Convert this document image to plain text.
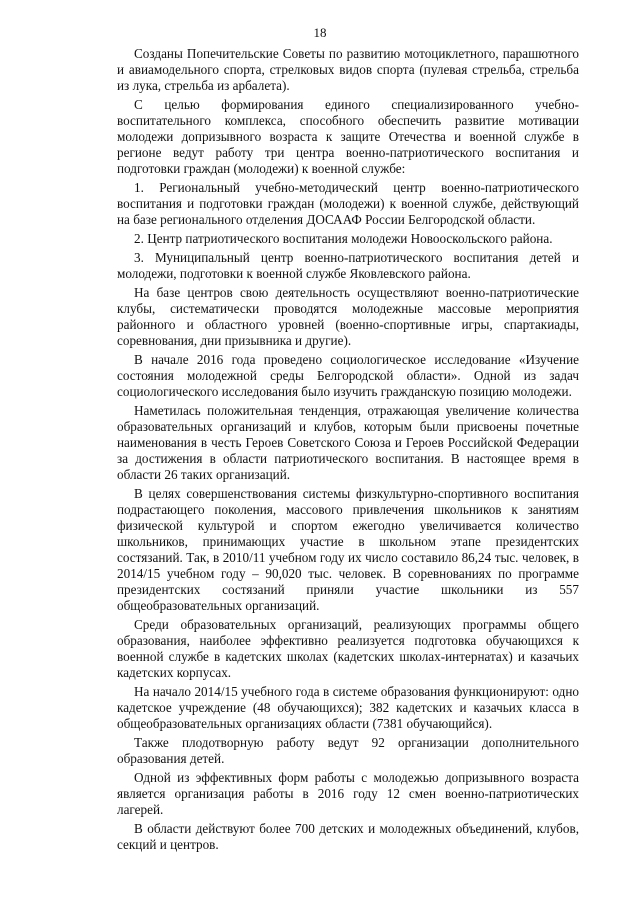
18

Созданы Попечительские Советы по развитию мотоциклетного, парашютного и авиамодельного спорта, стрелковых видов спорта (пулевая стрельба, стрельба из лука, стрельба из арбалета).

С целью формирования единого специализированного учебно-воспитательного комплекса, способного обеспечить развитие мотивации молодежи допризывного возраста к защите Отечества и военной службе в регионе ведут работу три центра военно-патриотического воспитания и подготовки граждан (молодежи) к военной службе:

1. Региональный учебно-методический центр военно-патриотического воспитания и подготовки граждан (молодежи) к военной службе, действующий на базе регионального отделения ДОСААФ России Белгородской области.

2. Центр патриотического воспитания молодежи Новооскольского района.

3. Муниципальный центр военно-патриотического воспитания детей и молодежи, подготовки к военной службе Яковлевского района.

На базе центров свою деятельность осуществляют военно-патриотические клубы, систематически проводятся молодежные массовые мероприятия районного и областного уровней (военно-спортивные игры, спартакиады, соревнования, дни призывника и другие).

В начале 2016 года проведено социологическое исследование «Изучение состояния молодежной среды Белгородской области». Одной из задач социологического исследования было изучить гражданскую позицию молодежи.

Наметилась положительная тенденция, отражающая увеличение количества образовательных организаций и клубов, которым были присвоены почетные наименования в честь Героев Советского Союза и Героев Российской Федерации за достижения в области патриотического воспитания. В настоящее время в области 26 таких организаций.

В целях совершенствования системы физкультурно-спортивного воспитания подрастающего поколения, массового привлечения школьников к занятиям физической культурой и спортом ежегодно увеличивается количество школьников, принимающих участие в школьном этапе президентских состязаний. Так, в 2010/11 учебном году их число составило 86,24 тыс. человек, в 2014/15 учебном году – 90,020 тыс. человек. В соревнованиях по программе президентских состязаний приняли участие школьники из 557 общеобразовательных организаций.

Среди образовательных организаций, реализующих программы общего образования, наиболее эффективно реализуется подготовка обучающихся к военной службе в кадетских школах (кадетских школах-интернатах) и казачьих кадетских корпусах.

На начало 2014/15 учебного года в системе образования функционируют: одно кадетское учреждение (48 обучающихся); 382 кадетских и казачьих класса в общеобразовательных организациях области (7381 обучающийся).

Также плодотворную работу ведут 92 организации дополнительного образования детей.

Одной из эффективных форм работы с молодежью допризывного возраста является организация работы в 2016 году 12 смен военно-патриотических лагерей.

В области действуют более 700 детских и молодежных объединений, клубов, секций и центров.
